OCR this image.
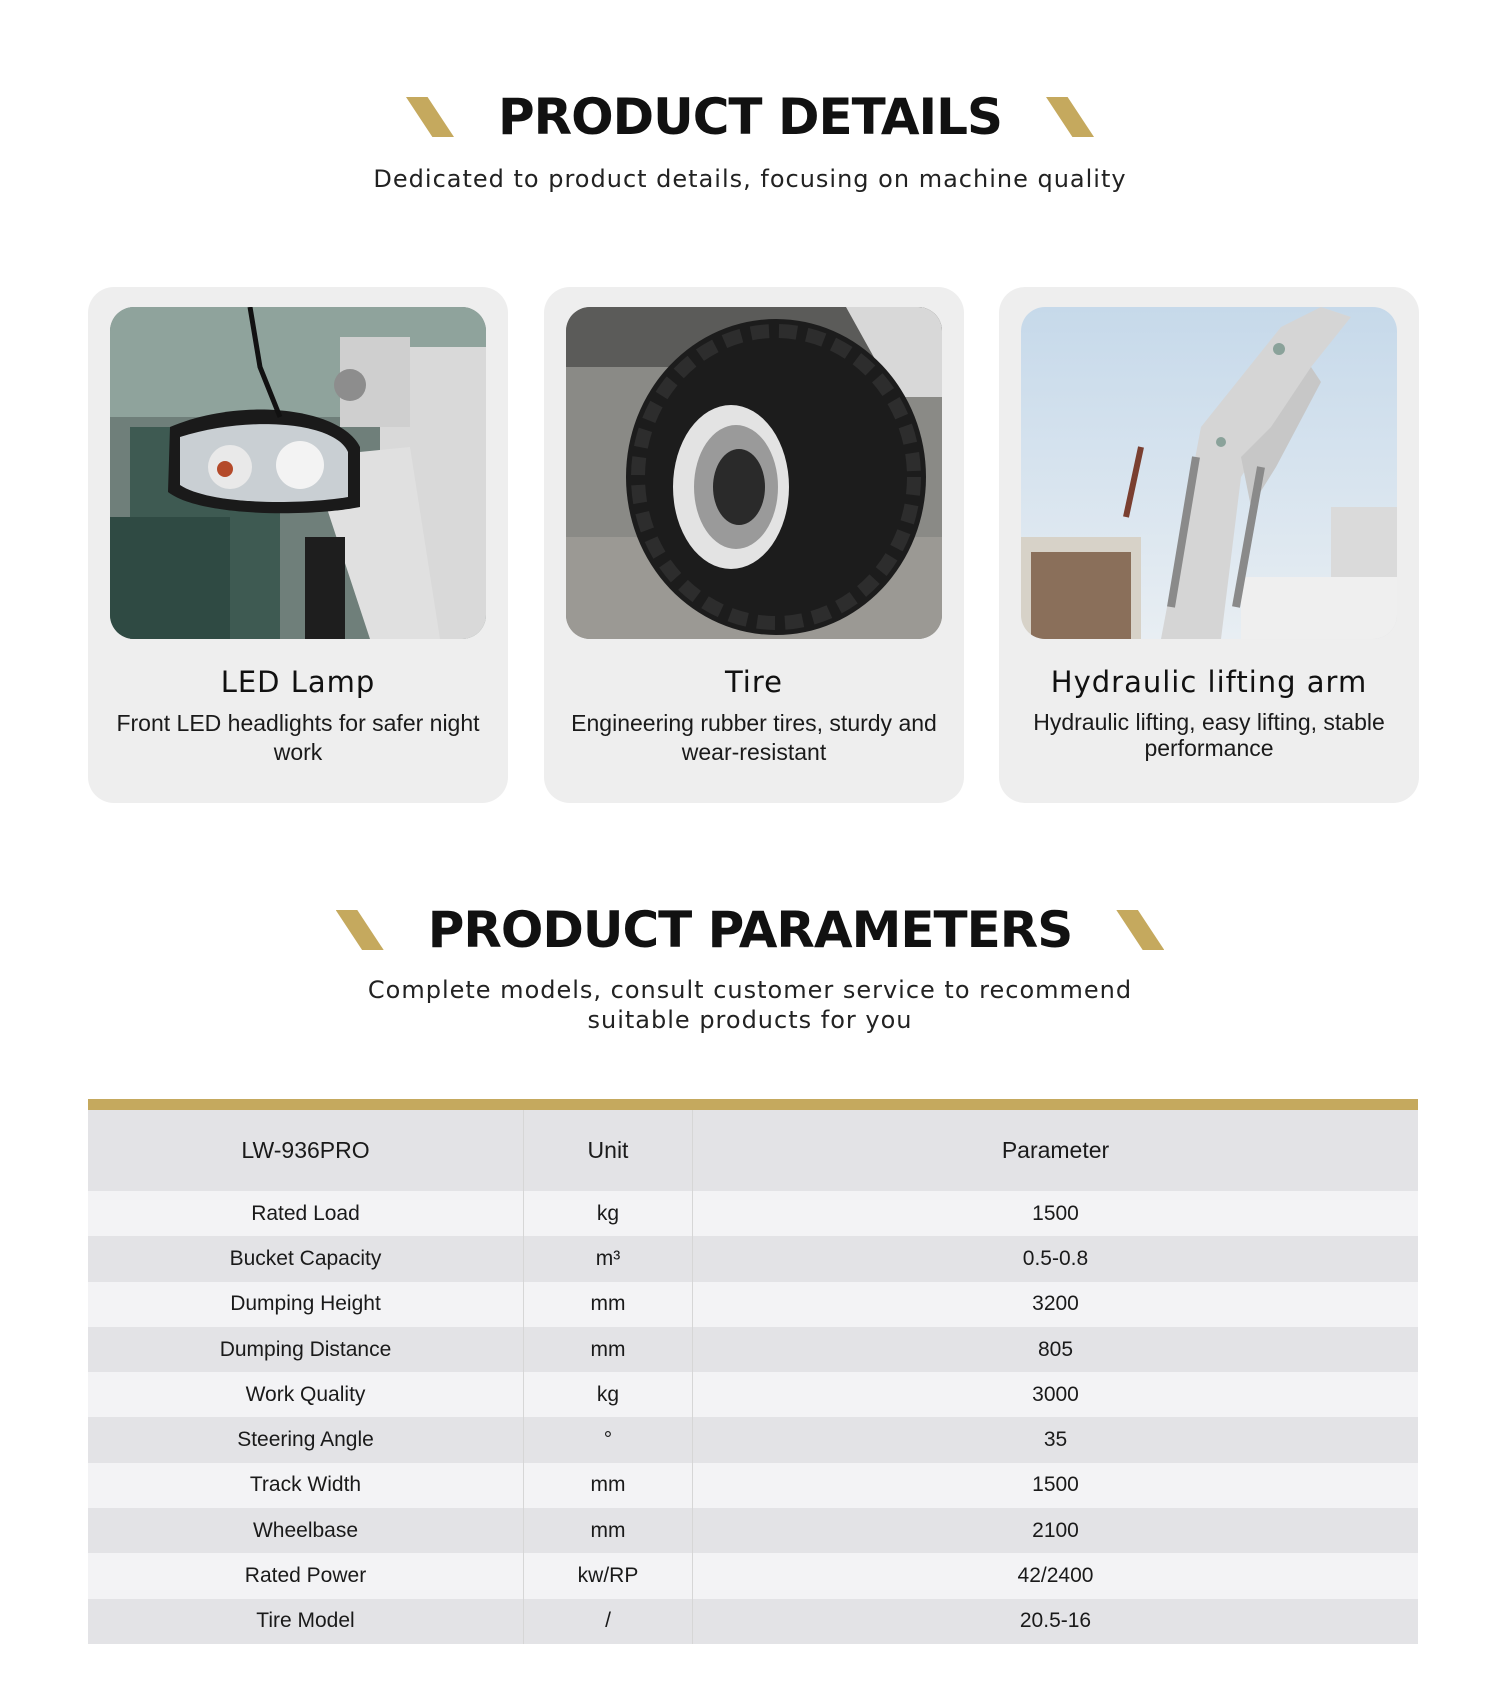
PRODUCT DETAILS

Dedicated to product details, focusing on machine quality

LED Lamp
Front LED headlights for safer night work
Tire
Engineering rubber tires, sturdy and wear-resistant
Hydraulic lifting arm
Hydraulic lifting, easy lifting, stable performance
PRODUCT PARAMETERS

Complete models, consult customer service to recommend suitable products for you

LW-936PRO	Unit	Parameter
Rated Load	kg	1500
Bucket Capacity	m³	0.5-0.8
Dumping Height	mm	3200
Dumping Distance	mm	805
Work Quality	kg	3000
Steering Angle	°	35
Track Width	mm	1500
Wheelbase	mm	2100
Rated Power	kw/RP	42/2400
Tire Model	/	20.5-16
